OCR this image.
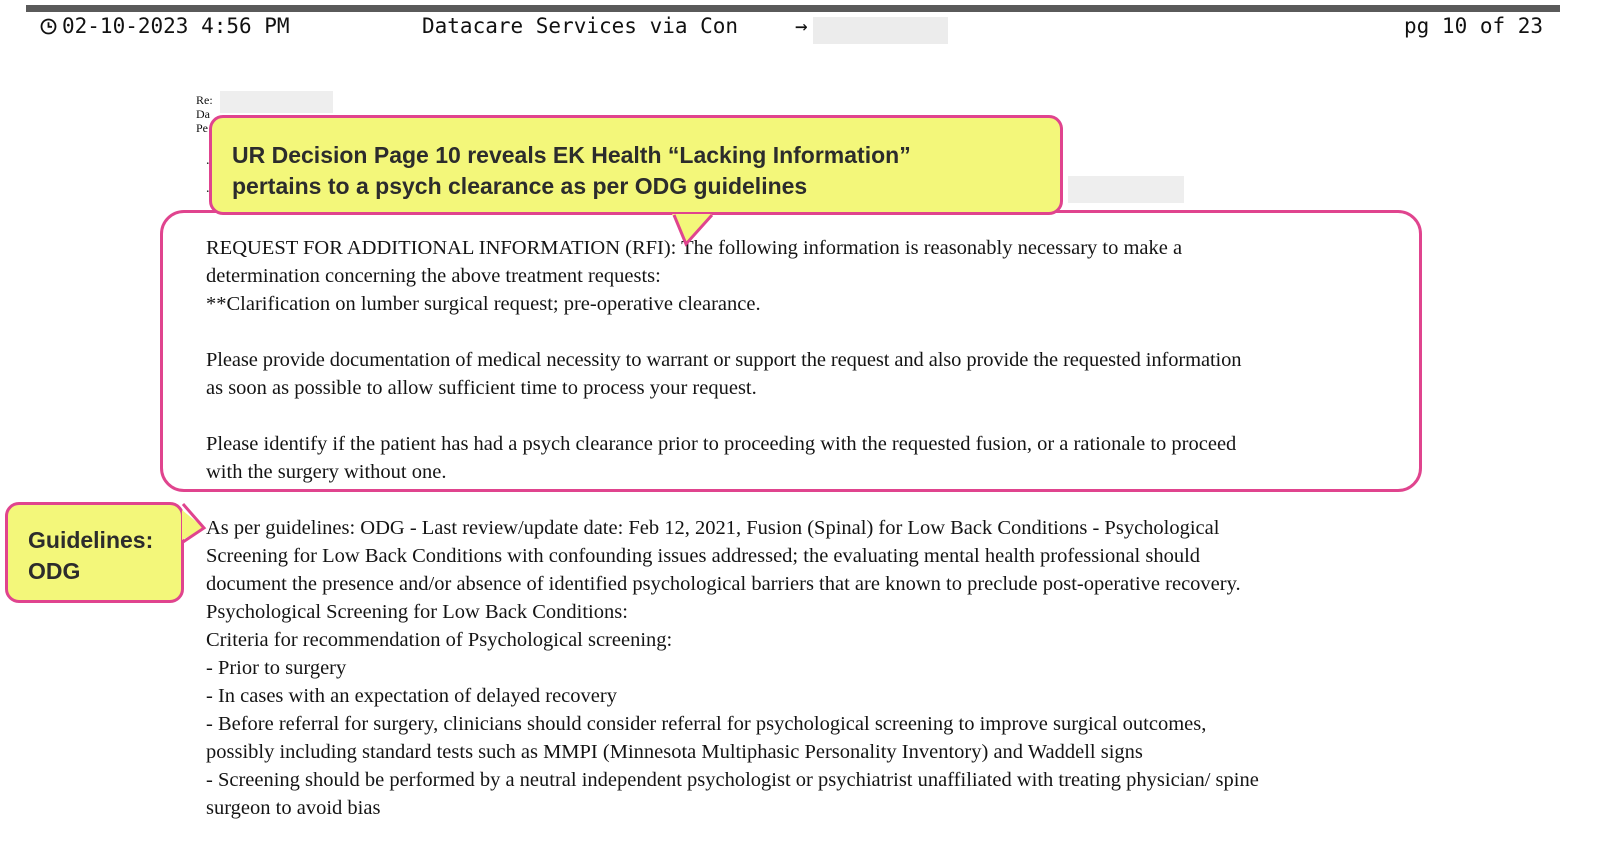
02-10-2023 4:56 PM	Datacare Services via Con	→	pg 10 of 23
Re:
Da
Pe
.
.
REQUEST FOR ADDITIONAL INFORMATION (RFI): The following information is reasonably necessary to make a
determination concerning the above treatment requests:
**Clarification on lumber surgical request; pre-operative clearance.
Please provide documentation of medical necessity to warrant or support the request and also provide the requested information
as soon as possible to allow sufficient time to process your request.
Please identify if the patient has had a psych clearance prior to proceeding with the requested fusion, or a rationale to proceed
with the surgery without one.
UR Decision Page 10 reveals EK Health “Lacking Information”
pertains to a psych clearance as per ODG guidelines
As per guidelines: ODG - Last review/update date: Feb 12, 2021, Fusion (Spinal) for Low Back Conditions - Psychological
Screening for Low Back Conditions with confounding issues addressed; the evaluating mental health professional should
document the presence and/or absence of identified psychological barriers that are known to preclude post-operative recovery.
Psychological Screening for Low Back Conditions:
Criteria for recommendation of Psychological screening:
- Prior to surgery
- In cases with an expectation of delayed recovery
- Before referral for surgery, clinicians should consider referral for psychological screening to improve surgical outcomes,
possibly including standard tests such as MMPI (Minnesota Multiphasic Personality Inventory) and Waddell signs
- Screening should be performed by a neutral independent psychologist or psychiatrist unaffiliated with treating physician/ spine
surgeon to avoid bias
Guidelines:
ODG
